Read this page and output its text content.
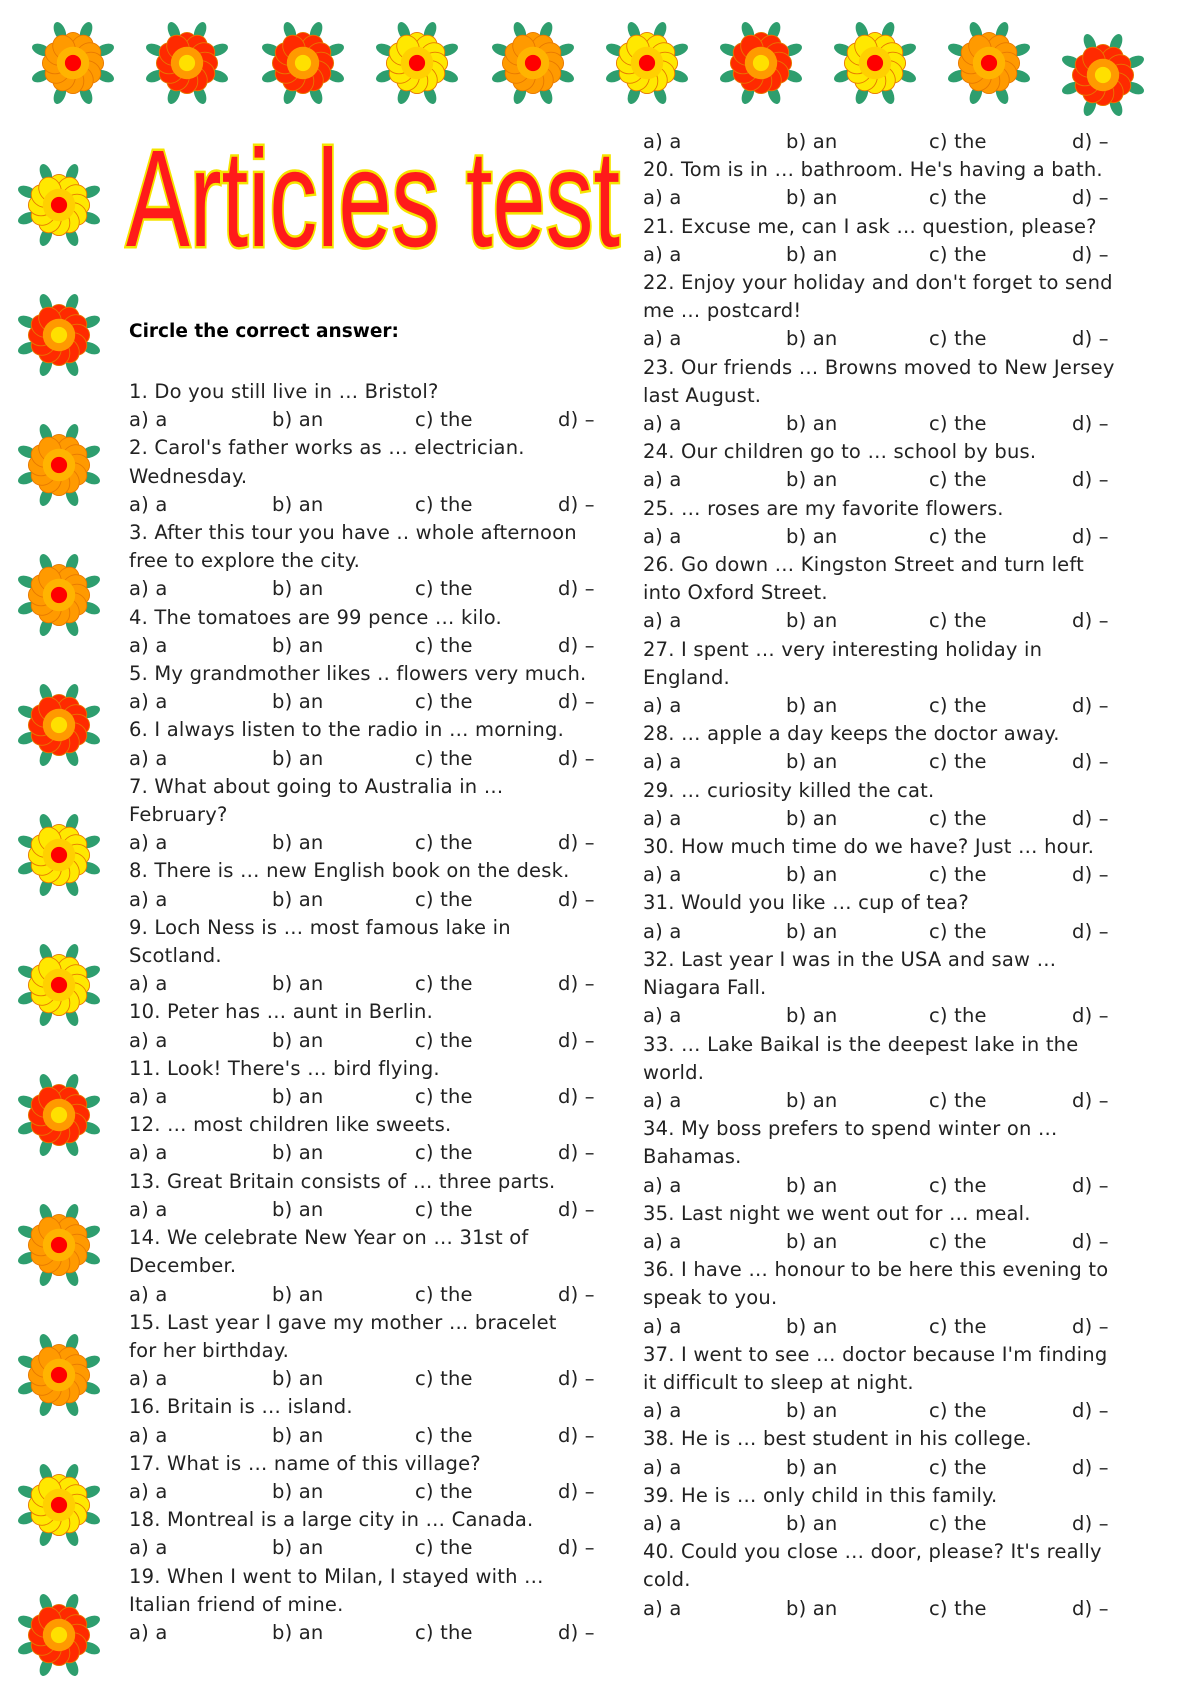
Articles test
Circle the correct answer:
1. Do you still live in … Bristol?
a) a	b) an	c) the	d) –
2. Carol's father works as … electrician.
Wednesday.
a) a	b) an	c) the	d) –
3. After this tour you have .. whole afternoon
free to explore the city.
a) a	b) an	c) the	d) –
4. The tomatoes are 99 pence … kilo.
a) a	b) an	c) the	d) –
5. My grandmother likes .. flowers very much.
a) a	b) an	c) the	d) –
6. I always listen to the radio in … morning.
a) a	b) an	c) the	d) –
7. What about going to Australia in …
February?
a) a	b) an	c) the	d) –
8. There is … new English book on the desk.
a) a	b) an	c) the	d) –
9. Loch Ness is … most famous lake in
Scotland.
a) a	b) an	c) the	d) –
10. Peter has … aunt in Berlin.
a) a	b) an	c) the	d) –
11. Look! There's … bird flying.
a) a	b) an	c) the	d) –
12. … most children like sweets.
a) a	b) an	c) the	d) –
13. Great Britain consists of … three parts.
a) a	b) an	c) the	d) –
14. We celebrate New Year on … 31st of
December.
a) a	b) an	c) the	d) –
15. Last year I gave my mother … bracelet
for her birthday.
a) a	b) an	c) the	d) –
16. Britain is … island.
a) a	b) an	c) the	d) –
17. What is … name of this village?
a) a	b) an	c) the	d) –
18. Montreal is a large city in … Canada.
a) a	b) an	c) the	d) –
19. When I went to Milan, I stayed with …
Italian friend of mine.
a) a	b) an	c) the	d) –
a) a	b) an	c) the	d) –
20. Tom is in … bathroom. He's having a bath.
a) a	b) an	c) the	d) –
21. Excuse me, can I ask … question, please?
a) a	b) an	c) the	d) –
22. Enjoy your holiday and don't forget to send
me … postcard!
a) a	b) an	c) the	d) –
23. Our friends … Browns moved to New Jersey
last August.
a) a	b) an	c) the	d) –
24. Our children go to … school by bus.
a) a	b) an	c) the	d) –
25. … roses are my favorite flowers.
a) a	b) an	c) the	d) –
26. Go down … Kingston Street and turn left
into Oxford Street.
a) a	b) an	c) the	d) –
27. I spent … very interesting holiday in
England.
a) a	b) an	c) the	d) –
28. … apple a day keeps the doctor away.
a) a	b) an	c) the	d) –
29. … curiosity killed the cat.
a) a	b) an	c) the	d) –
30. How much time do we have? Just … hour.
a) a	b) an	c) the	d) –
31. Would you like … cup of tea?
a) a	b) an	c) the	d) –
32. Last year I was in the USA and saw …
Niagara Fall.
a) a	b) an	c) the	d) –
33. … Lake Baikal is the deepest lake in the
world.
a) a	b) an	c) the	d) –
34. My boss prefers to spend winter on …
Bahamas.
a) a	b) an	c) the	d) –
35. Last night we went out for … meal.
a) a	b) an	c) the	d) –
36. I have … honour to be here this evening to
speak to you.
a) a	b) an	c) the	d) –
37. I went to see … doctor because I'm finding
it difficult to sleep at night.
a) a	b) an	c) the	d) –
38. He is … best student in his college.
a) a	b) an	c) the	d) –
39. He is … only child in this family.
a) a	b) an	c) the	d) –
40. Could you close … door, please? It's really
cold.
a) a	b) an	c) the	d) –
